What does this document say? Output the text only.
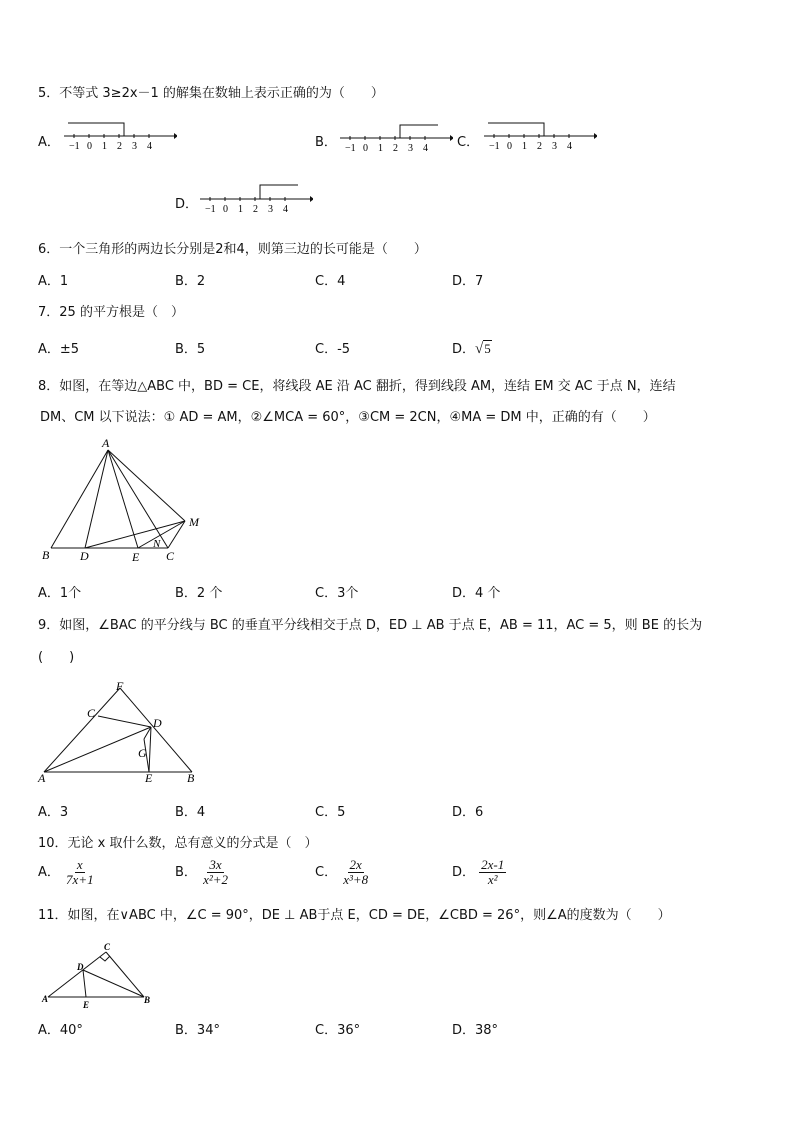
5．不等式 3≥2x－1 的解集在数轴上表示正确的为（　　）
A． −1 0 1 2 3 4	B． −1 0 1 2 3 4 C． −1 0 1 2 3 4
D． −1 0 1 2 3 4
6．一个三角形的两边长分别是2和4，则第三边的长可能是（　　）
A．1	B．2	C．4	D．7
7．25 的平方根是（　）
A．±5	B．5	C．-5	D．√5
8．如图，在等边△ABC 中，BD = CE，将线段 AE 沿 AC 翻折，得到线段 AM，连结 EM 交 AC 于点 N，连结
DM、CM 以下说法：① AD = AM，②∠MCA = 60°，③CM = 2CN，④MA = DM 中，正确的有（　　）
A
B	D	E C
N
M
A．1个	B．2 个	C．3个	D．4 个
9．如图，∠BAC 的平分线与 BC 的垂直平分线相交于点 D，ED ⊥ AB 于点 E，AB = 11，AC = 5，则 BE 的长为
(　　)
F
C
D
G
A	E	B
A．3	B．4	C．5	D．6
10．无论 x 取什么数，总有意义的分式是（　）
A． $\frac{x}{7x+1}$	B． $\frac{3x}{\text{x²+2}}$	C． $\frac{2x}{\text{x³+8}}$	D． $\frac{2x-1}{\text{x²}}$
11．如图，在∨ABC 中，∠C = 90°，DE ⊥ AB于点 E，CD = DE，∠CBD = 26°，则∠A的度数为（　　）
C
D
A
E	B
A．40°	B．34°	C．36°	D．38°
